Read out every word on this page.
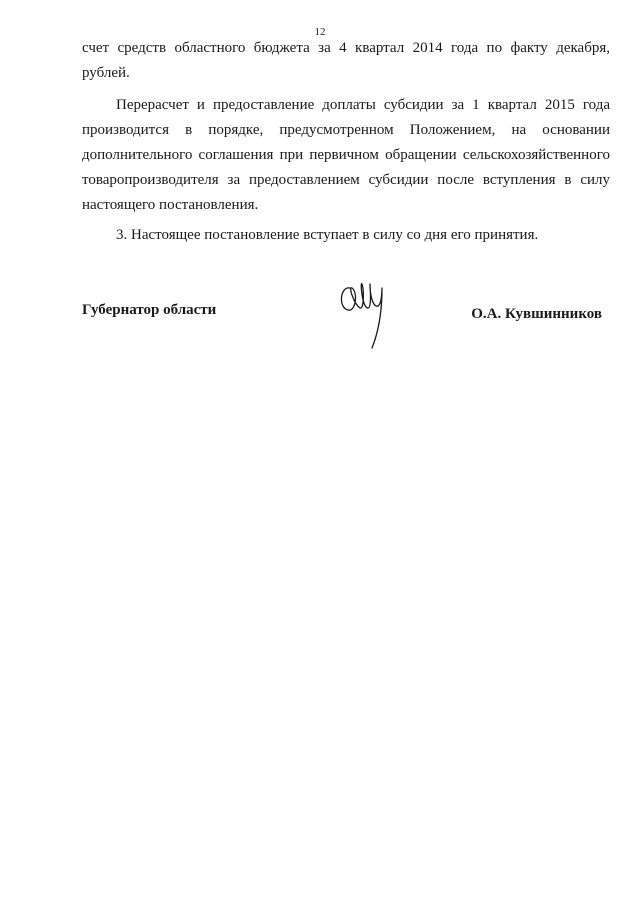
12
счет средств областного бюджета за 4 квартал 2014 года по факту декабря,
рублей.
Перерасчет и предоставление доплаты субсидии за 1 квартал 2015 года
производится в порядке, предусмотренном Положением, на основании
дополнительного соглашения при первичном обращении сельскохозяйственного
товаропроизводителя за предоставлением субсидии после вступления в силу
настоящего постановления.
3. Настоящее постановление вступает в силу со дня его принятия.
Губернатор области	О.А. Кувшинников
